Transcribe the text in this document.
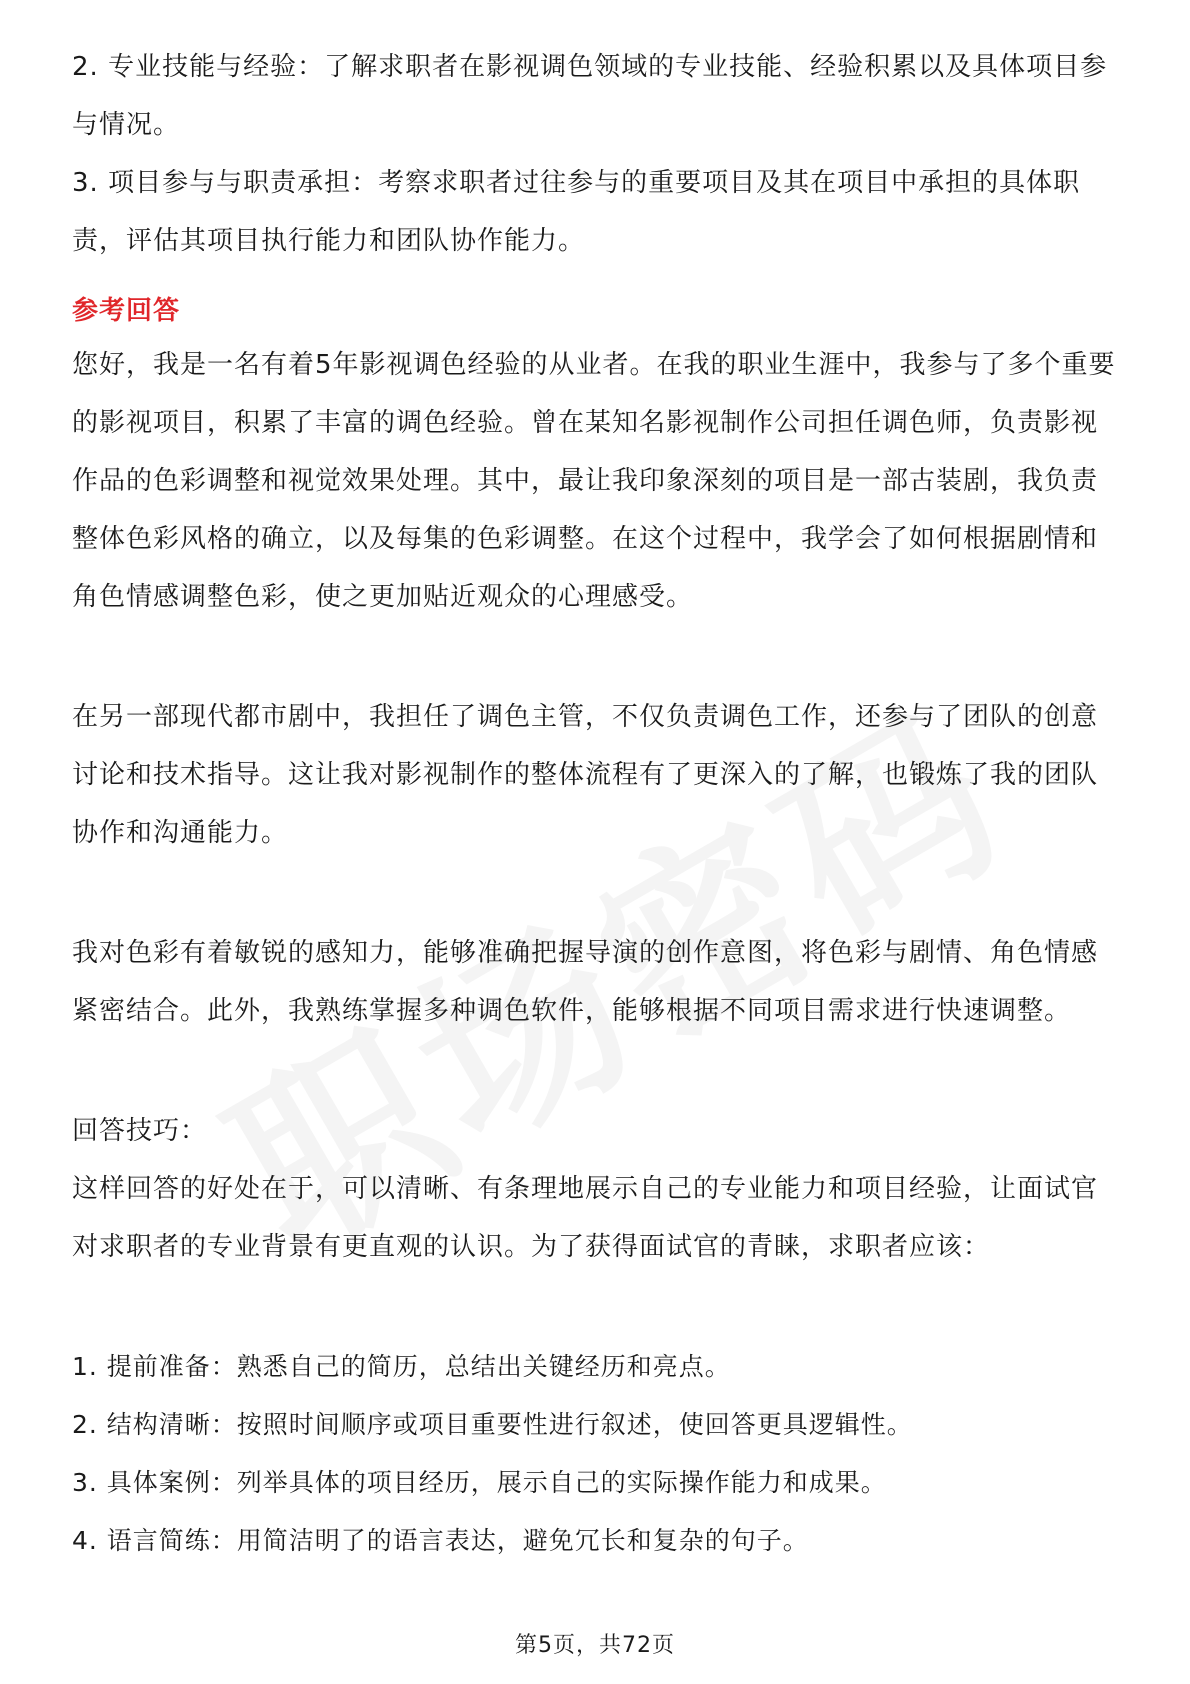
2. 专业技能与经验：了解求职者在影视调色领域的专业技能、经验积累以及具体项目参与情况。

3. 项目参与与职责承担：考察求职者过往参与的重要项目及其在项目中承担的具体职责，评估其项目执行能力和团队协作能力。

参考回答

您好，我是一名有着5年影视调色经验的从业者。在我的职业生涯中，我参与了多个重要的影视项目，积累了丰富的调色经验。曾在某知名影视制作公司担任调色师，负责影视作品的色彩调整和视觉效果处理。其中，最让我印象深刻的项目是一部古装剧，我负责整体色彩风格的确立，以及每集的色彩调整。在这个过程中，我学会了如何根据剧情和角色情感调整色彩，使之更加贴近观众的心理感受。

在另一部现代都市剧中，我担任了调色主管，不仅负责调色工作，还参与了团队的创意讨论和技术指导。这让我对影视制作的整体流程有了更深入的了解，也锻炼了我的团队协作和沟通能力。

我对色彩有着敏锐的感知力，能够准确把握导演的创作意图，将色彩与剧情、角色情感紧密结合。此外，我熟练掌握多种调色软件，能够根据不同项目需求进行快速调整。

回答技巧：

这样回答的好处在于，可以清晰、有条理地展示自己的专业能力和项目经验，让面试官对求职者的专业背景有更直观的认识。为了获得面试官的青睐，求职者应该：

1. 提前准备：熟悉自己的简历，总结出关键经历和亮点。

2. 结构清晰：按照时间顺序或项目重要性进行叙述，使回答更具逻辑性。

3. 具体案例：列举具体的项目经历，展示自己的实际操作能力和成果。

4. 语言简练：用简洁明了的语言表达，避免冗长和复杂的句子。

第5页，共72页
